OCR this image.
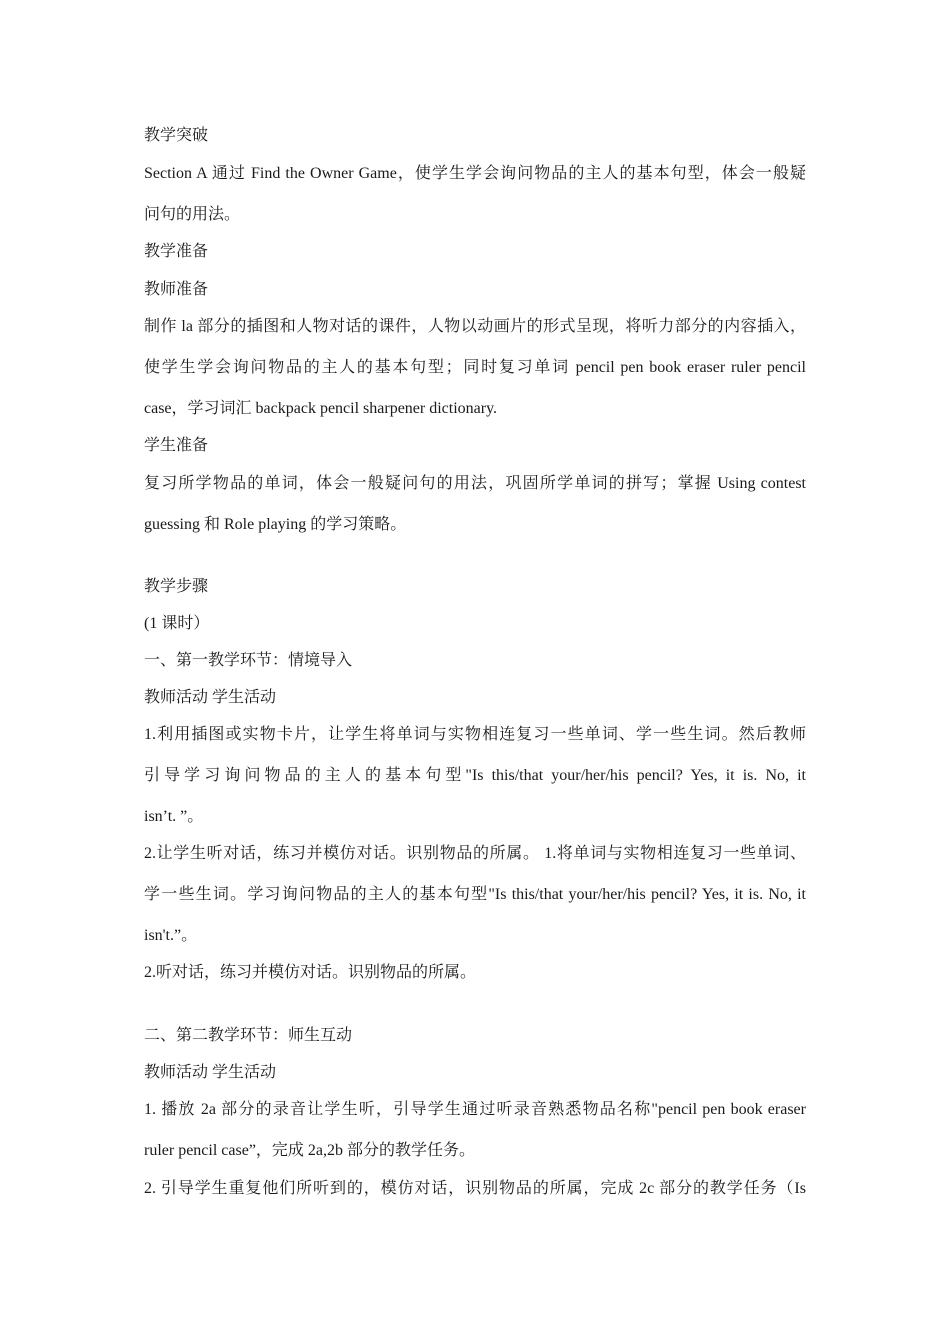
教学突破
Section A 通过 Find the Owner Game，使学生学会询问物品的主人的基本句型，体会一般疑
问句的用法。
教学准备
教师准备
制作 la 部分的插图和人物对话的课件，人物以动画片的形式呈现，将听力部分的内容插入，
使学生学会询问物品的主人的基本句型；同时复习单词 pencil pen book eraser ruler pencil
case，学习词汇 backpack pencil sharpener dictionary.
学生准备
复习所学物品的单词，体会一般疑问句的用法，巩固所学单词的拼写；掌握 Using contest
guessing 和 Role playing 的学习策略。
教学步骤
(1 课时）
一、第一教学环节：情境导入
教师活动 学生活动
1.利用插图或实物卡片，让学生将单词与实物相连复习一些单词、学一些生词。然后教师
引导学习询问物品的主人的基本句型"Is this/that your/her/his pencil? Yes, it is. No, it
isn’t. ”。
2.让学生听对话，练习并模仿对话。识别物品的所属。 1.将单词与实物相连复习一些单词、
学一些生词。学习询问物品的主人的基本句型"Is this/that your/her/his pencil? Yes, it is. No, it
isn't.”。
2.听对话，练习并模仿对话。识别物品的所属。
二、第二教学环节：师生互动
教师活动 学生活动
1. 播放 2a 部分的录音让学生听，引导学生通过听录音熟悉物品名称"pencil pen book eraser
ruler pencil case”，完成 2a,2b 部分的教学任务。
2. 引导学生重复他们所听到的，模仿对话，识别物品的所属，完成 2c 部分的教学任务（Is
